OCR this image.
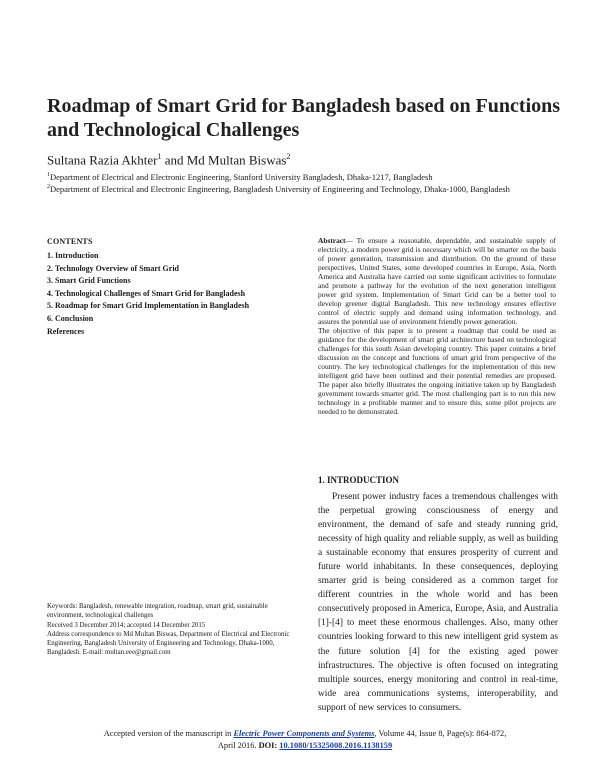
Roadmap of Smart Grid for Bangladesh based on Functions and Technological Challenges
Sultana Razia Akhter$^1$ and Md Multan Biswas$^2$
$^1$Department of Electrical and Electronic Engineering, Stanford University Bangladesh, Dhaka-1217, Bangladesh
$^2$Department of Electrical and Electronic Engineering, Bangladesh University of Engineering and Technology, Dhaka-1000, Bangladesh
CONTENTS
1. Introduction
2. Technology Overview of Smart Grid
3. Smart Grid Functions
4. Technological Challenges of Smart Grid for Bangladesh
5. Roadmap for Smart Grid Implementation in Bangladesh
6. Conclusion
References
Abstract— To ensure a reasonable, dependable, and sustainable supply of electricity, a modern power grid is necessary which will be smarter on the basis of power generation, transmission and distribution. On the ground of these perspectives, United States, some developed countries in Europe, Asia, North America and Australia have carried out some significant activities to formulate and promote a pathway for the evolution of the next generation intelligent power grid system. Implementation of Smart Grid can be a better tool to develop greener digital Bangladesh. This new technology ensures effective control of electric supply and demand using information technology, and assures the potential use of environment friendly power generation.
The objective of this paper is to present a roadmap that could be used as guidance for the development of smart grid architecture based on technological challenges for this south Asian developing country. This paper contains a brief discussion on the concept and functions of smart grid from perspective of the country. The key technological challenges for the implementation of this new intelligent grid have been outlined and their potential remedies are proposed. The paper also briefly illustrates the ongoing initiative taken up by Bangladesh government towards smarter grid. The most challenging part is to run this new technology in a profitable manner and to ensure this, some pilot projects are needed to be demonstrated.
1. INTRODUCTION

Present power industry faces a tremendous challenges with the perpetual growing consciousness of energy and environment, the demand of safe and steady running grid, necessity of high quality and reliable supply, as well as building a sustainable economy that ensures prosperity of current and future world inhabitants. In these consequences, deploying smarter grid is being considered as a common target for different countries in the whole world and has been consecutively proposed in America, Europe, Asia, and Australia [1]-[4] to meet these enormous challenges. Also, many other countries looking forward to this new intelligent grid system as the future solution [4] for the existing aged power infrastructures. The objective is often focused on integrating multiple sources, energy monitoring and control in real-time, wide area communications systems, interoperability, and support of new services to consumers.

Keywords: Bangladesh, renewable integration, roadmap, smart grid, sustainable environment, technological challenges
Received 3 December 2014; accepted 14 December 2015
Address correspondence to Md Multan Biswas, Department of Electrical and Electronic Engineering, Bangladesh University of Engineering and Technology, Dhaka-1000, Bangladesh. E-mail: multan.eee@gmail.com
Accepted version of the manuscript in Electric Power Components and Systems, Volume 44, Issue 8, Page(s): 864-872,
April 2016. DOI: 10.1080/15325008.2016.1138159
